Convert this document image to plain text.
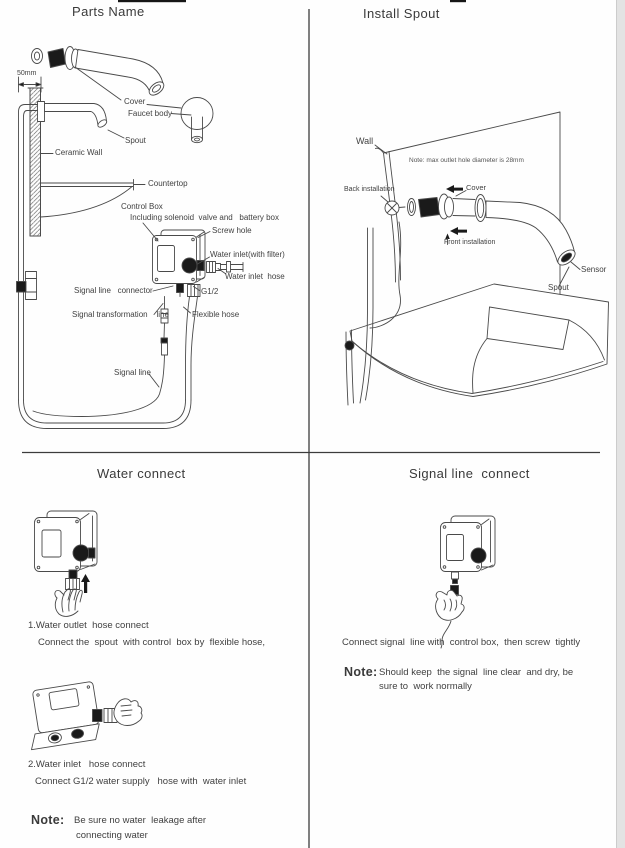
Parts Name
50mm
Cover
Faucet body
Spout
Ceramic Wall
Countertop
Control Box
Including solenoid  valve and   battery box
Screw hole
Water inlet(with filter)
Water inlet  hose
Signal line   connector	G1/2
Signal transformation    line	Flexible hose
Signal line
Install Spout
Wall
Note: max outlet hole diameter is 28mm
Back installation	Cover
Front installation
Sensor
Spout
Water connect
1.Water outlet  hose connect
Connect the  spout  with control  box by  flexible hose,
2.Water inlet   hose connect
Connect G1/2 water supply   hose with  water inlet
Note: Be sure no water  leakage after
connecting water
Signal line  connect
Connect signal  line with  control box,  then screw  tightly
Note: Should keep  the signal  line clear  and dry, be
sure to  work normally
